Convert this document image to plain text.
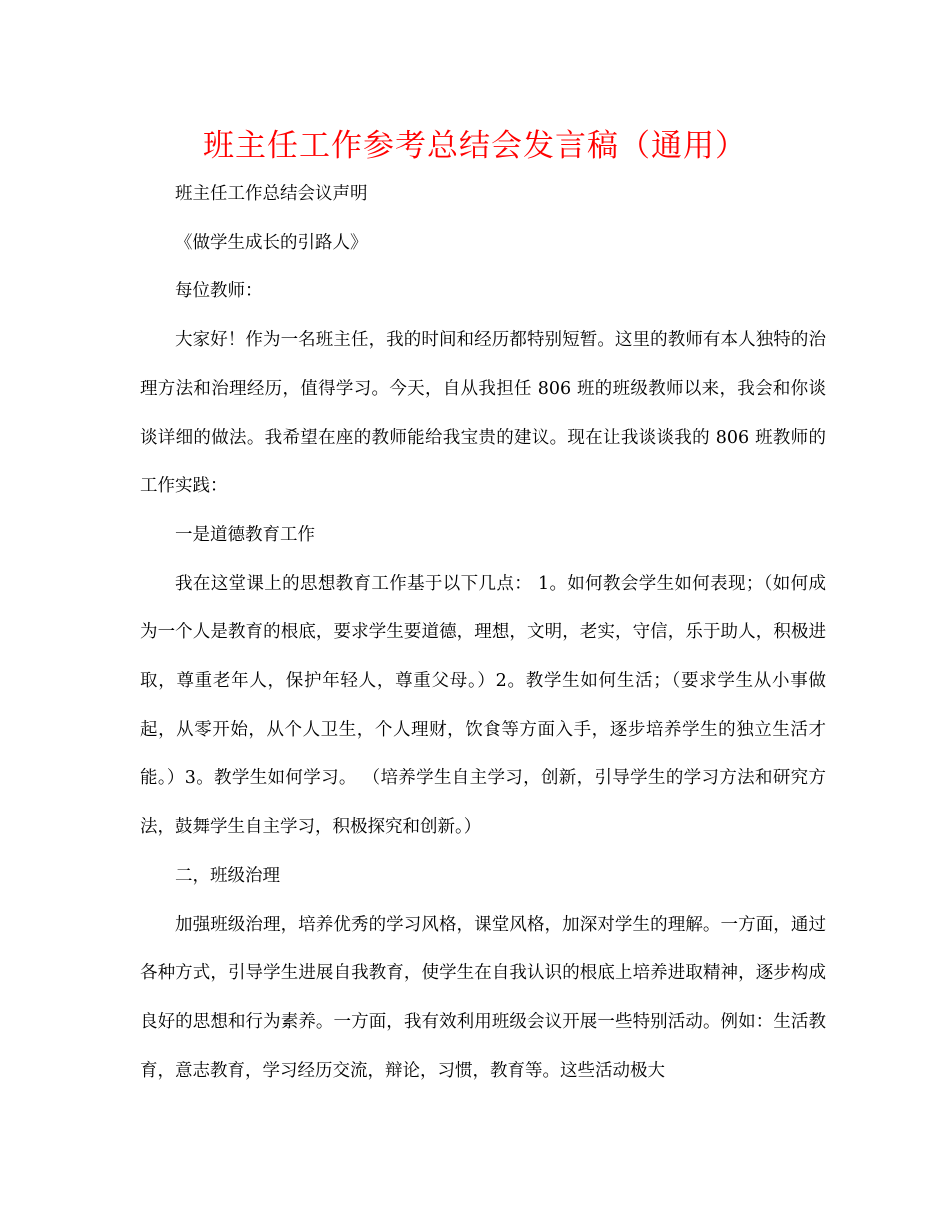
班主任工作参考总结会发言稿（通用）

班主任工作总结会议声明

《做学生成长的引路人》

每位教师：

大家好！作为一名班主任，我的时间和经历都特别短暂。这里的教师有本人独特的治理方法和治理经历，值得学习。今天，自从我担任 806 班的班级教师以来，我会和你谈谈详细的做法。我希望在座的教师能给我宝贵的建议。现在让我谈谈我的 806 班教师的工作实践：

一是道德教育工作

我在这堂课上的思想教育工作基于以下几点： 1。如何教会学生如何表现；（如何成为一个人是教育的根底，要求学生要道德，理想，文明，老实，守信，乐于助人，积极进取，尊重老年人，保护年轻人，尊重父母。）2。教学生如何生活；（要求学生从小事做起，从零开始，从个人卫生，个人理财，饮食等方面入手，逐步培养学生的独立生活才能。）3。教学生如何学习。 （培养学生自主学习，创新，引导学生的学习方法和研究方法，鼓舞学生自主学习，积极探究和创新。）

二，班级治理

加强班级治理，培养优秀的学习风格，课堂风格，加深对学生的理解。一方面，通过各种方式，引导学生进展自我教育，使学生在自我认识的根底上培养进取精神，逐步构成良好的思想和行为素养。一方面，我有效利用班级会议开展一些特别活动。例如：生活教育，意志教育，学习经历交流，辩论，习惯，教育等。这些活动极大
